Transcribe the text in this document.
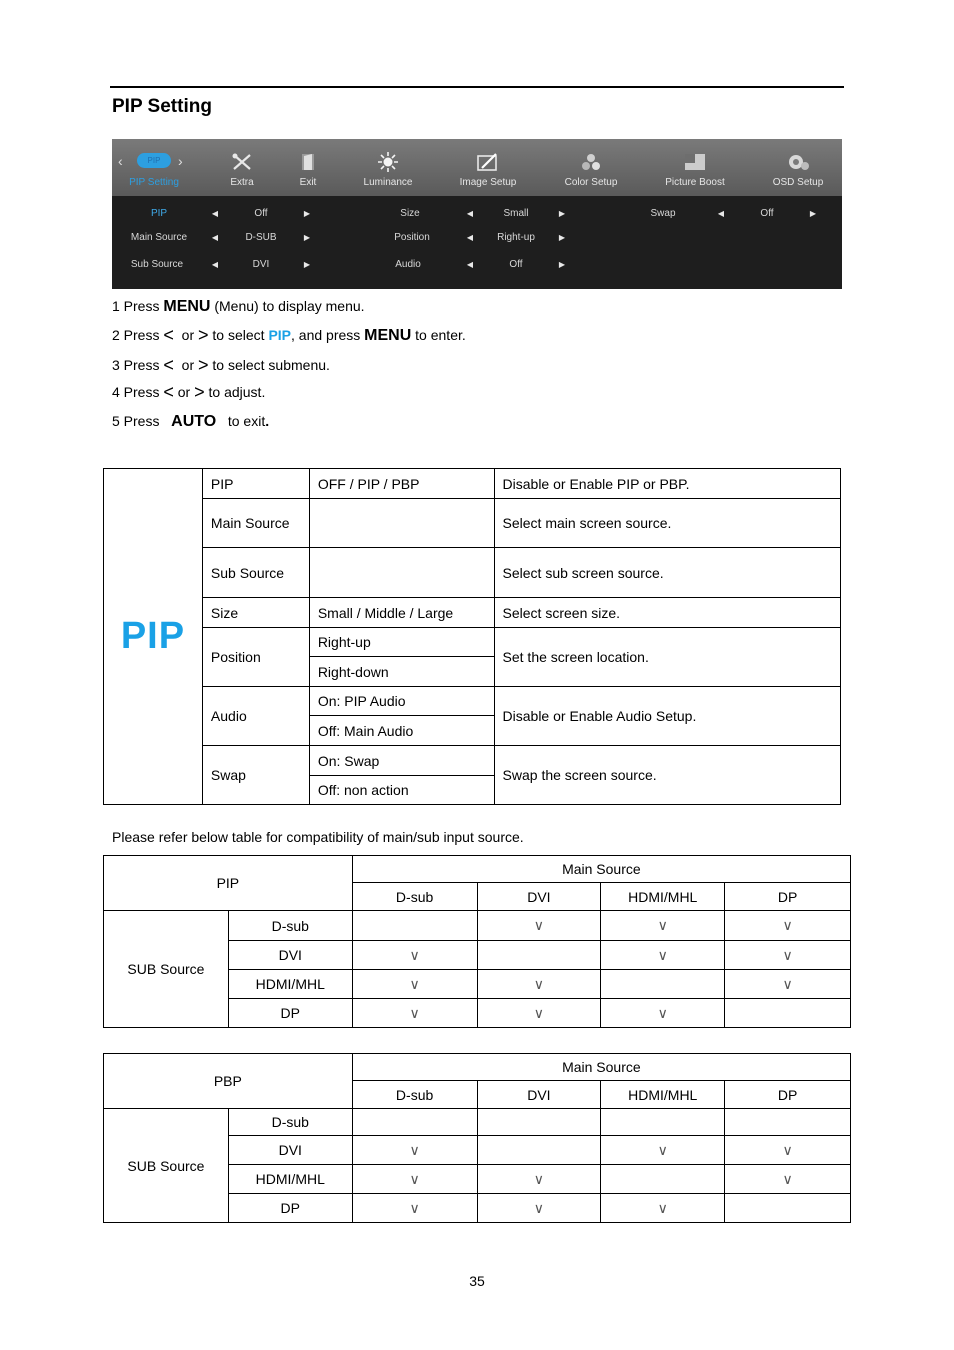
PIP Setting
‹	›
PIP
PIP Setting	Extra	Exit	Luminance	Image Setup	Color Setup	Picture Boost	OSD Setup
PIP	◀	Off	▶	Size	◀	Small	▶	Swap	◀	Off	▶
Main Source	◀	D-SUB	▶	Position	◀ Right-up	▶
Sub Source	◀	DVI	▶	Audio	◀	Off	▶
1 Press MENU (Menu) to display menu.
2 Press < or > to select PIP, and press MENU to enter.
3 Press < or > to select submenu.
4 Press < or > to adjust.
5 Press AUTO to exit.
PIP	PIP	OFF / PIP / PBP	Disable or Enable PIP or PBP.
	Main Source		Select main screen source.
	Sub Source		Select sub screen source.
	Size	Small / Middle / Large	Select screen size.
	Position	Right-up	Set the screen location.
		Right-down	
	Audio	On: PIP Audio	Disable or Enable Audio Setup.
		Off: Main Audio	
	Swap	On: Swap	Swap the screen source.
		Off: non action	
Please refer below table for compatibility of main/sub input source.
PIP		Main Source			
		D-sub	DVI	HDMI/MHL	DP
SUB Source	D-sub		∨	∨	∨
	DVI	∨		∨	∨
	HDMI/MHL	∨	∨		∨
	DP	∨	∨	∨	
PBP		Main Source			
		D-sub	DVI	HDMI/MHL	DP
SUB Source	D-sub				
	DVI	∨		∨	∨
	HDMI/MHL	∨	∨		∨
	DP	∨	∨	∨	
35
